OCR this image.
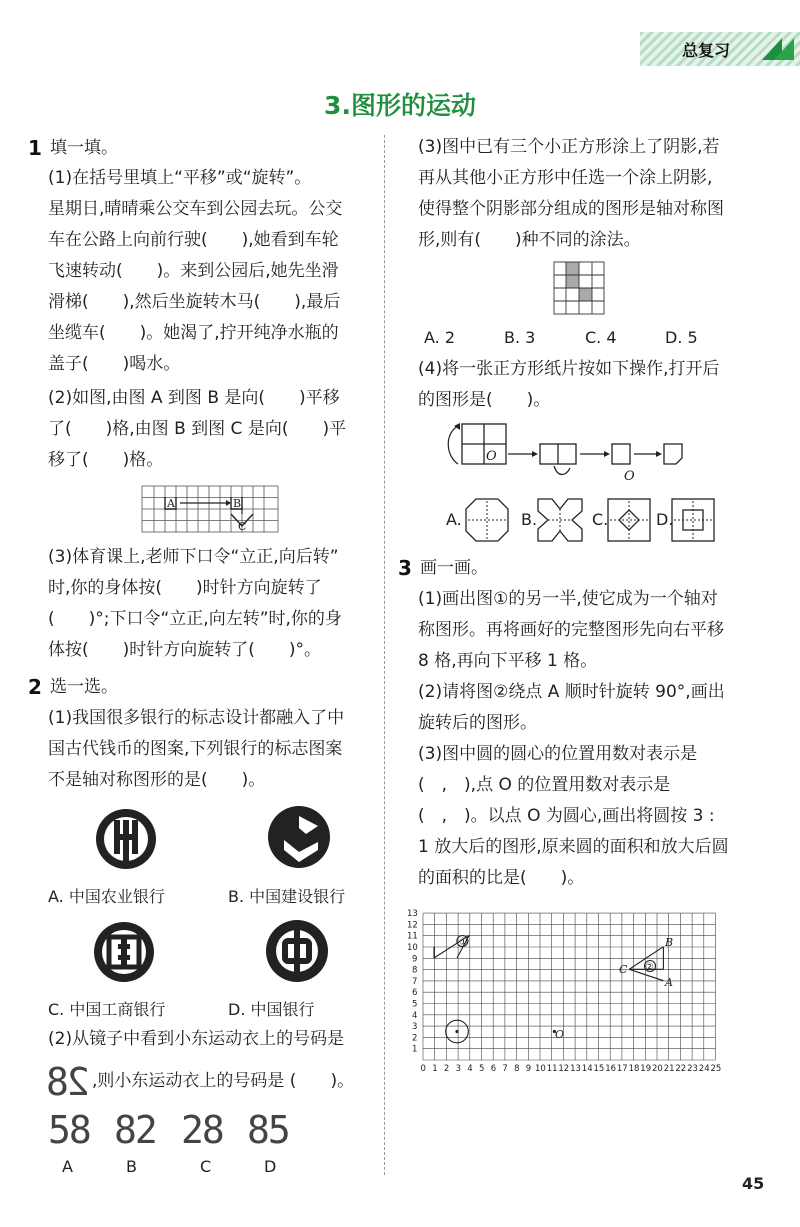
总复习
3.图形的运动
1 填一填。
(1)在括号里填上“平移”或“旋转”。
星期日,晴晴乘公交车到公园去玩。公交
车在公路上向前行驶(　　),她看到车轮
飞速转动(　　)。来到公园后,她先坐滑
滑梯(　　),然后坐旋转木马(　　),最后
坐缆车(　　)。她渴了,拧开纯净水瓶的
盖子(　　)喝水。
(2)如图,由图 A 到图 B 是向(　　)平移
了(　　)格,由图 B 到图 C 是向(　　)平
移了(　　)格。
A	B
C
(3)体育课上,老师下口令“立正,向后转”
时,你的身体按(　　)时针方向旋转了
(　　)°;下口令“立正,向左转”时,你的身
体按(　　)时针方向旋转了(　　)°。
2 选一选。
(1)我国很多银行的标志设计都融入了中
国古代钱币的图案,下列银行的标志图案
不是轴对称图形的是(　　)。
A. 中国农业银行	B. 中国建设银行
C. 中国工商银行	D. 中国银行
(2)从镜子中看到小东运动衣上的号码是
28 ,则小东运动衣上的号码是 (　　)。
58 82 28 85
A	B	C	D
(3)图中已有三个小正方形涂上了阴影,若
再从其他小正方形中任选一个涂上阴影,
使得整个阴影部分组成的图形是轴对称图
形,则有(　　)种不同的涂法。
A. 2	B. 3	C. 4	D. 5
(4)将一张正方形纸片按如下操作,打开后
的图形是(　　)。
O
O
A.	B.	C.	D.
3 画一画。
(1)画出图①的另一半,使它成为一个轴对
称图形。再将画好的完整图形先向右平移
8 格,再向下平移 1 格。
(2)请将图②绕点 A 顺时针旋转 90°,画出
旋转后的图形。
(3)图中圆的圆心的位置用数对表示是
(　,　),点 O 的位置用数对表示是
(　,　)。以点 O 为圆心,画出将圆按 3 :
1 放大后的图形,原来圆的面积和放大后圆
的面积的比是(　　)。
0 1 2 3 4 5 6 7 8 9 10 11 12 13 14 15 16 17 18 19 20 21 22 23 24 25
1
2
3
4
5
6
7
8
9
10
11
12
13
①
②
A
B
C
O
45
